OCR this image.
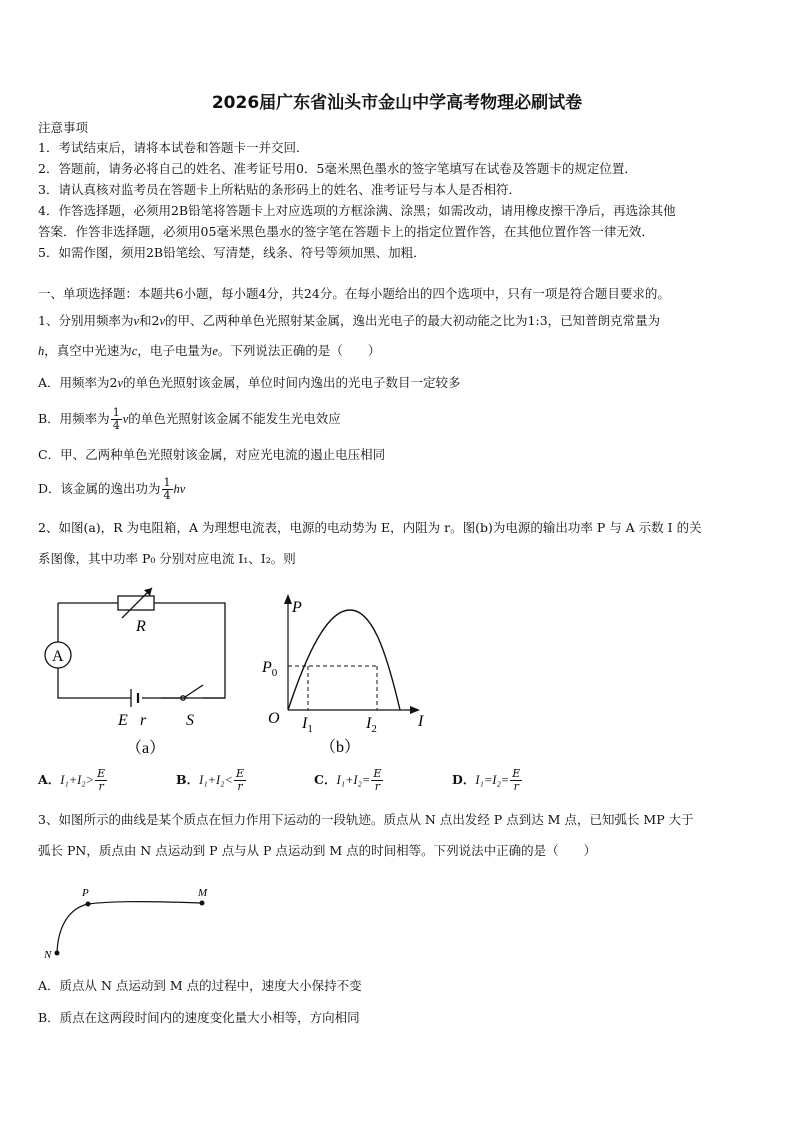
2026届广东省汕头市金山中学高考物理必刷试卷
注意事项
1．考试结束后，请将本试卷和答题卡一并交回．
2．答题前，请务必将自己的姓名、准考证号用0．5毫米黑色墨水的签字笔填写在试卷及答题卡的规定位置．
3．请认真核对监考员在答题卡上所粘贴的条形码上的姓名、准考证号与本人是否相符．
4．作答选择题，必须用2B铅笔将答题卡上对应选项的方框涂满、涂黑；如需改动，请用橡皮擦干净后，再选涂其他
答案．作答非选择题，必须用05毫米黑色墨水的签字笔在答题卡上的指定位置作答，在其他位置作答一律无效．
5．如需作图，须用2B铅笔绘、写清楚，线条、符号等须加黑、加粗．
一、单项选择题：本题共6小题，每小题4分，共24分。在每小题给出的四个选项中，只有一项是符合题目要求的。
1、分别用频率为ν和2ν的甲、乙两种单色光照射某金属，逸出光电子的最大初动能之比为1:3，已知普朗克常量为
h，真空中光速为c，电子电量为e。下列说法正确的是（　　）
A．用频率为2ν的单色光照射该金属，单位时间内逸出的光电子数目一定较多
B．用频率为 $\frac{1}{4}$ ν的单色光照射该金属不能发生光电效应
C．甲、乙两种单色光照射该金属，对应光电流的遏止电压相同
D．该金属的逸出功为 $\frac{1}{4}$ hν
2、如图(a)，R 为电阻箱，A 为理想电流表，电源的电动势为 E，内阻为 r。图(b)为电源的输出功率 P 与 A 示数 I 的关
系图像，其中功率 P₀ 分别对应电流 I₁、I₂。则
A
R
E r S
（a）
P
$P_0$
O $I_1$	$I_2$	I
（b）
A．$I_1+I_2> \frac{E}{r}$	B．$I_1+I_2< \frac{E}{r}$	C．$I_1+I_2= \frac{E}{r}$	D．$I_1=I_2= \frac{E}{r}$
3、如图所示的曲线是某个质点在恒力作用下运动的一段轨迹。质点从 N 点出发经 P 点到达 M 点，已知弧长 MP 大于
弧长 PN，质点由 N 点运动到 P 点与从 P 点运动到 M 点的时间相等。下列说法中正确的是（　　）
P	M
N
A．质点从 N 点运动到 M 点的过程中，速度大小保持不变
B．质点在这两段时间内的速度变化量大小相等，方向相同
